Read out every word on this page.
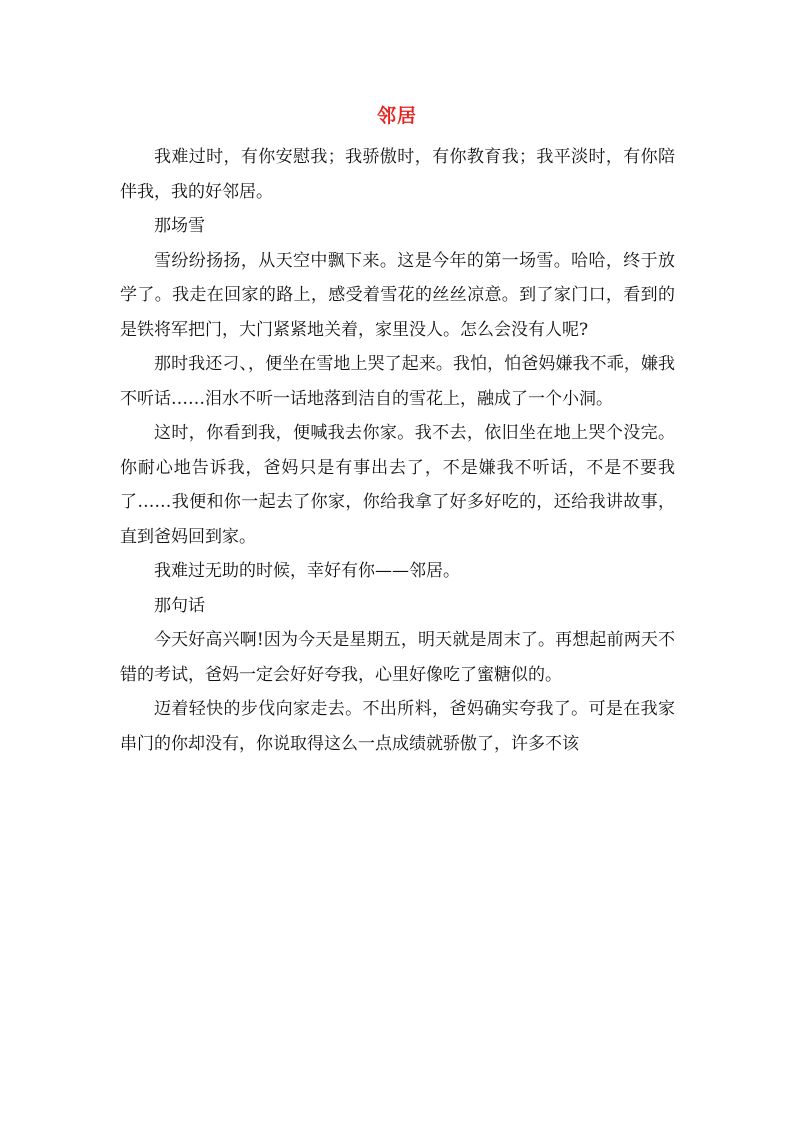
邻居

我难过时，有你安慰我；我骄傲时，有你教育我；我平淡时，有你陪伴我，我的好邻居。

那场雪

雪纷纷扬扬，从天空中飘下来。这是今年的第一场雪。哈哈，终于放学了。我走在回家的路上，感受着雪花的丝丝凉意。到了家门口，看到的是铁将军把门，大门紧紧地关着，家里没人。怎么会没有人呢?

那时我还刁、，便坐在雪地上哭了起来。我怕，怕爸妈嫌我不乖，嫌我不听话……泪水不听一话地落到洁自的雪花上，融成了一个小洞。

这时，你看到我，便喊我去你家。我不去，依旧坐在地上哭个没完。你耐心地告诉我，爸妈只是有事出去了，不是嫌我不听话，不是不要我了……我便和你一起去了你家，你给我拿了好多好吃的，还给我讲故事，直到爸妈回到家。

我难过无助的时候，幸好有你——邻居。

那句话

今天好高兴啊!因为今天是星期五，明天就是周末了。再想起前两天不错的考试，爸妈一定会好好夸我，心里好像吃了蜜糖似的。

迈着轻快的步伐向家走去。不出所料，爸妈确实夸我了。可是在我家串门的你却没有，你说取得这么一点成绩就骄傲了，许多不该
